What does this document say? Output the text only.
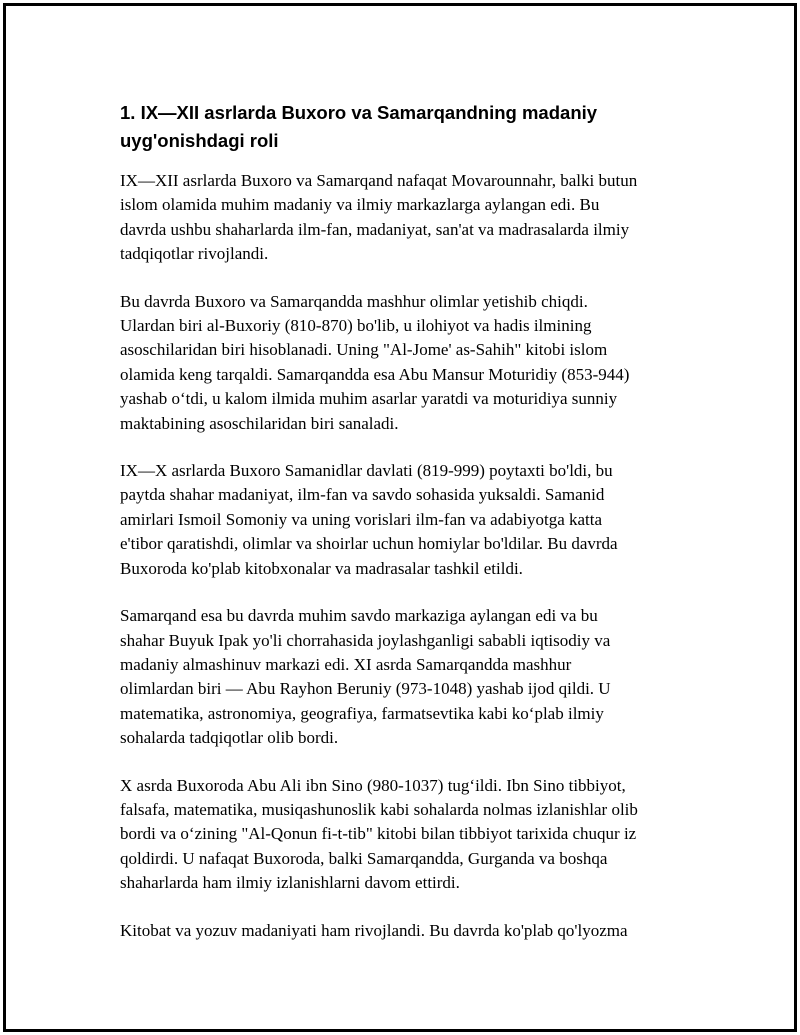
1. IX—XII asrlarda Buxoro va Samarqandning madaniy
uyg'onishdagi roli

IX—XII asrlarda Buxoro va Samarqand nafaqat Movarounnahr, balki butun
islom olamida muhim madaniy va ilmiy markazlarga aylangan edi. Bu
davrda ushbu shaharlarda ilm-fan, madaniyat, san'at va madrasalarda ilmiy
tadqiqotlar rivojlandi.

Bu davrda Buxoro va Samarqandda mashhur olimlar yetishib chiqdi.
Ulardan biri al-Buxoriy (810-870) bo'lib, u ilohiyot va hadis ilmining
asoschilaridan biri hisoblanadi. Uning "Al-Jome' as-Sahih" kitobi islom
olamida keng tarqaldi. Samarqandda esa Abu Mansur Moturidiy (853-944)
yashab o‘tdi, u kalom ilmida muhim asarlar yaratdi va moturidiya sunniy
maktabining asoschilaridan biri sanaladi.

IX—X asrlarda Buxoro Samanidlar davlati (819-999) poytaxti bo'ldi, bu
paytda shahar madaniyat, ilm-fan va savdo sohasida yuksaldi. Samanid
amirlari Ismoil Somoniy va uning vorislari ilm-fan va adabiyotga katta
e'tibor qaratishdi, olimlar va shoirlar uchun homiylar bo'ldilar. Bu davrda
Buxoroda ko'plab kitobxonalar va madrasalar tashkil etildi.

Samarqand esa bu davrda muhim savdo markaziga aylangan edi va bu
shahar Buyuk Ipak yo'li chorrahasida joylashganligi sababli iqtisodiy va
madaniy almashinuv markazi edi. XI asrda Samarqandda mashhur
olimlardan biri — Abu Rayhon Beruniy (973-1048) yashab ijod qildi. U
matematika, astronomiya, geografiya, farmatsevtika kabi ko‘plab ilmiy
sohalarda tadqiqotlar olib bordi.

X asrda Buxoroda Abu Ali ibn Sino (980-1037) tug‘ildi. Ibn Sino tibbiyot,
falsafa, matematika, musiqashunoslik kabi sohalarda nolmas izlanishlar olib
bordi va o‘zining "Al-Qonun fi-t-tib" kitobi bilan tibbiyot tarixida chuqur iz
qoldirdi. U nafaqat Buxoroda, balki Samarqandda, Gurganda va boshqa
shaharlarda ham ilmiy izlanishlarni davom ettirdi.

Kitobat va yozuv madaniyati ham rivojlandi. Bu davrda ko'plab qo'lyozma
